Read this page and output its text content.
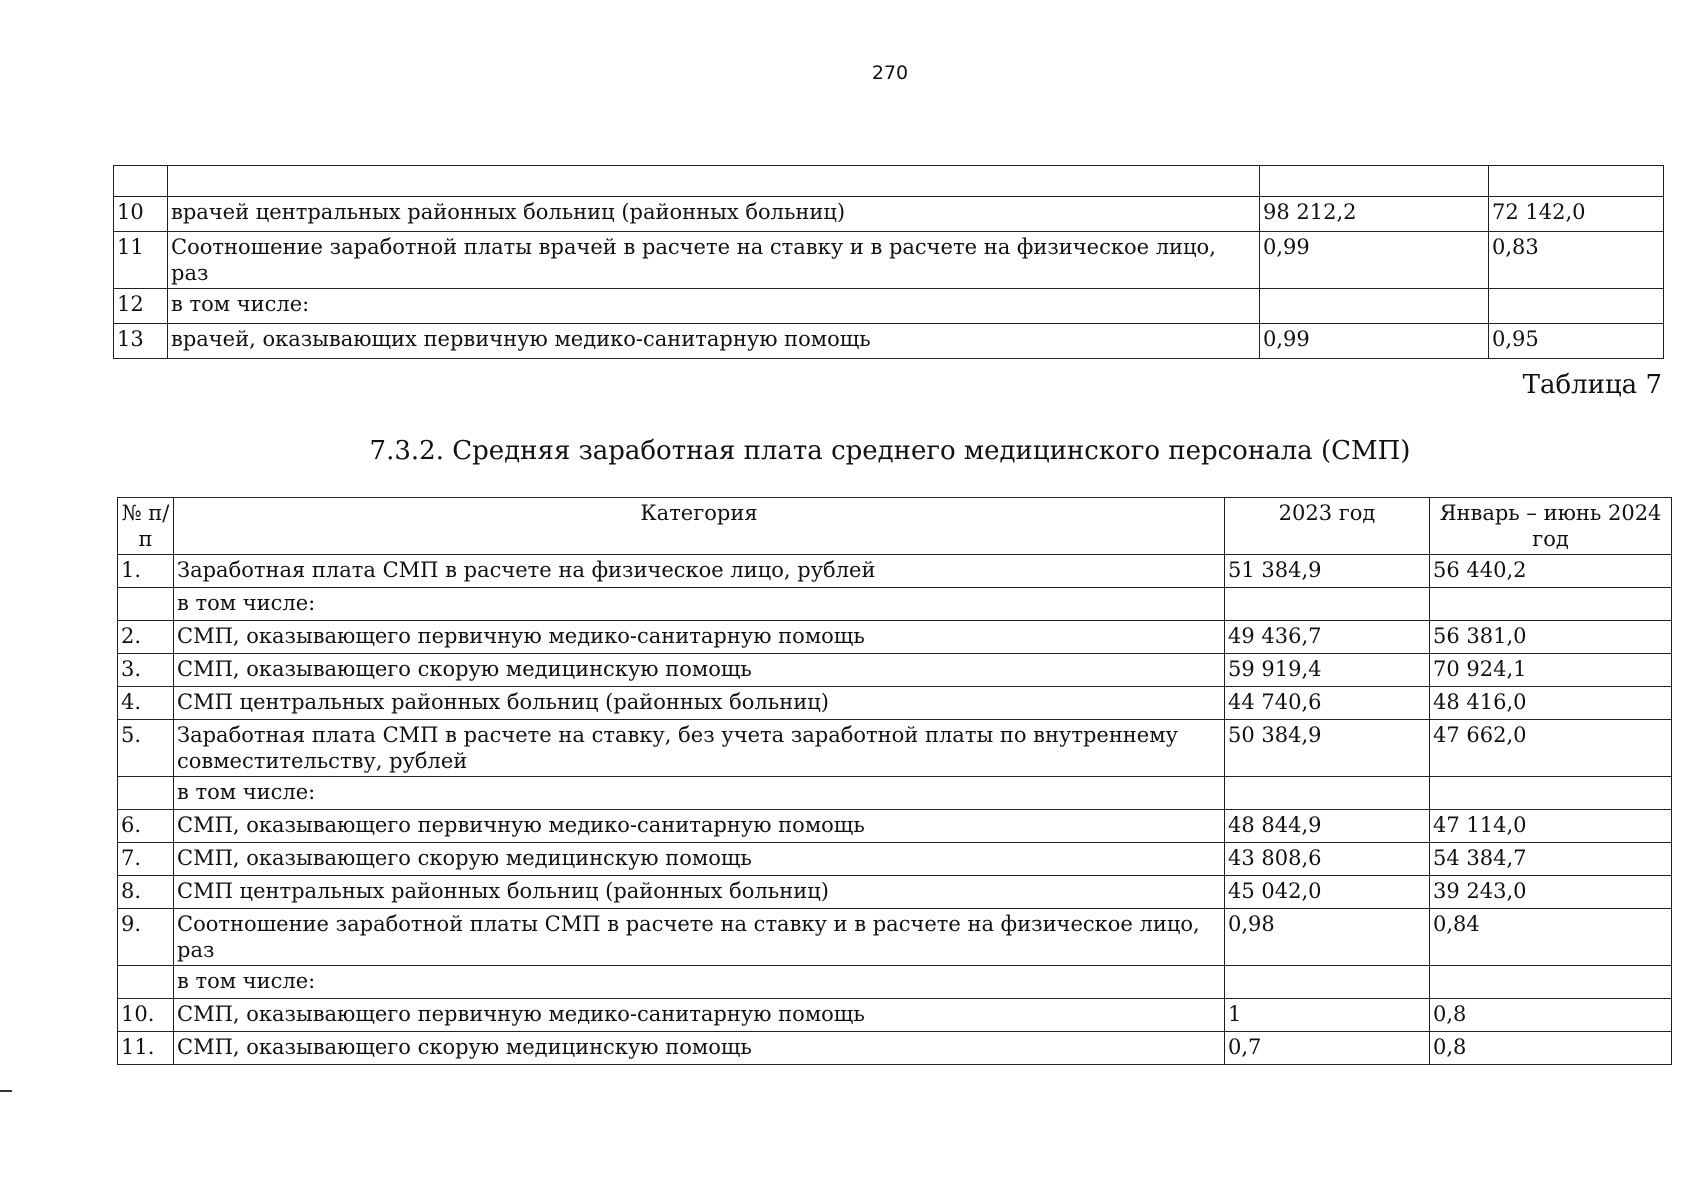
270

10	врачей центральных районных больниц (районных больниц)	98 212,2	72 142,0
11	Соотношение заработной платы врачей в расчете на ставку и в расчете на физическое лицо, раз	0,99	0,83
12	в том числе:		
13	врачей, оказывающих первичную медико-санитарную помощь	0,99	0,95
Таблица 7
7.3.2. Средняя заработная плата среднего медицинского персонала (СМП)
№ п/п	Категория	2023 год	Январь – июнь 2024 год
1.	Заработная плата СМП в расчете на физическое лицо, рублей	51 384,9	56 440,2
	в том числе:		
2.	СМП, оказывающего первичную медико-санитарную помощь	49 436,7	56 381,0
3.	СМП, оказывающего скорую медицинскую помощь	59 919,4	70 924,1
4.	СМП центральных районных больниц (районных больниц)	44 740,6	48 416,0
5.	Заработная плата СМП в расчете на ставку, без учета заработной платы по внутреннему совместительству, рублей	50 384,9	47 662,0
	в том числе:		
6.	СМП, оказывающего первичную медико-санитарную помощь	48 844,9	47 114,0
7.	СМП, оказывающего скорую медицинскую помощь	43 808,6	54 384,7
8.	СМП центральных районных больниц (районных больниц)	45 042,0	39 243,0
9.	Соотношение заработной платы СМП в расчете на ставку и в расчете на физическое лицо, раз	0,98	0,84
	в том числе:		
10.	СМП, оказывающего первичную медико-санитарную помощь	1	0,8
11.	СМП, оказывающего скорую медицинскую помощь	0,7	0,8
